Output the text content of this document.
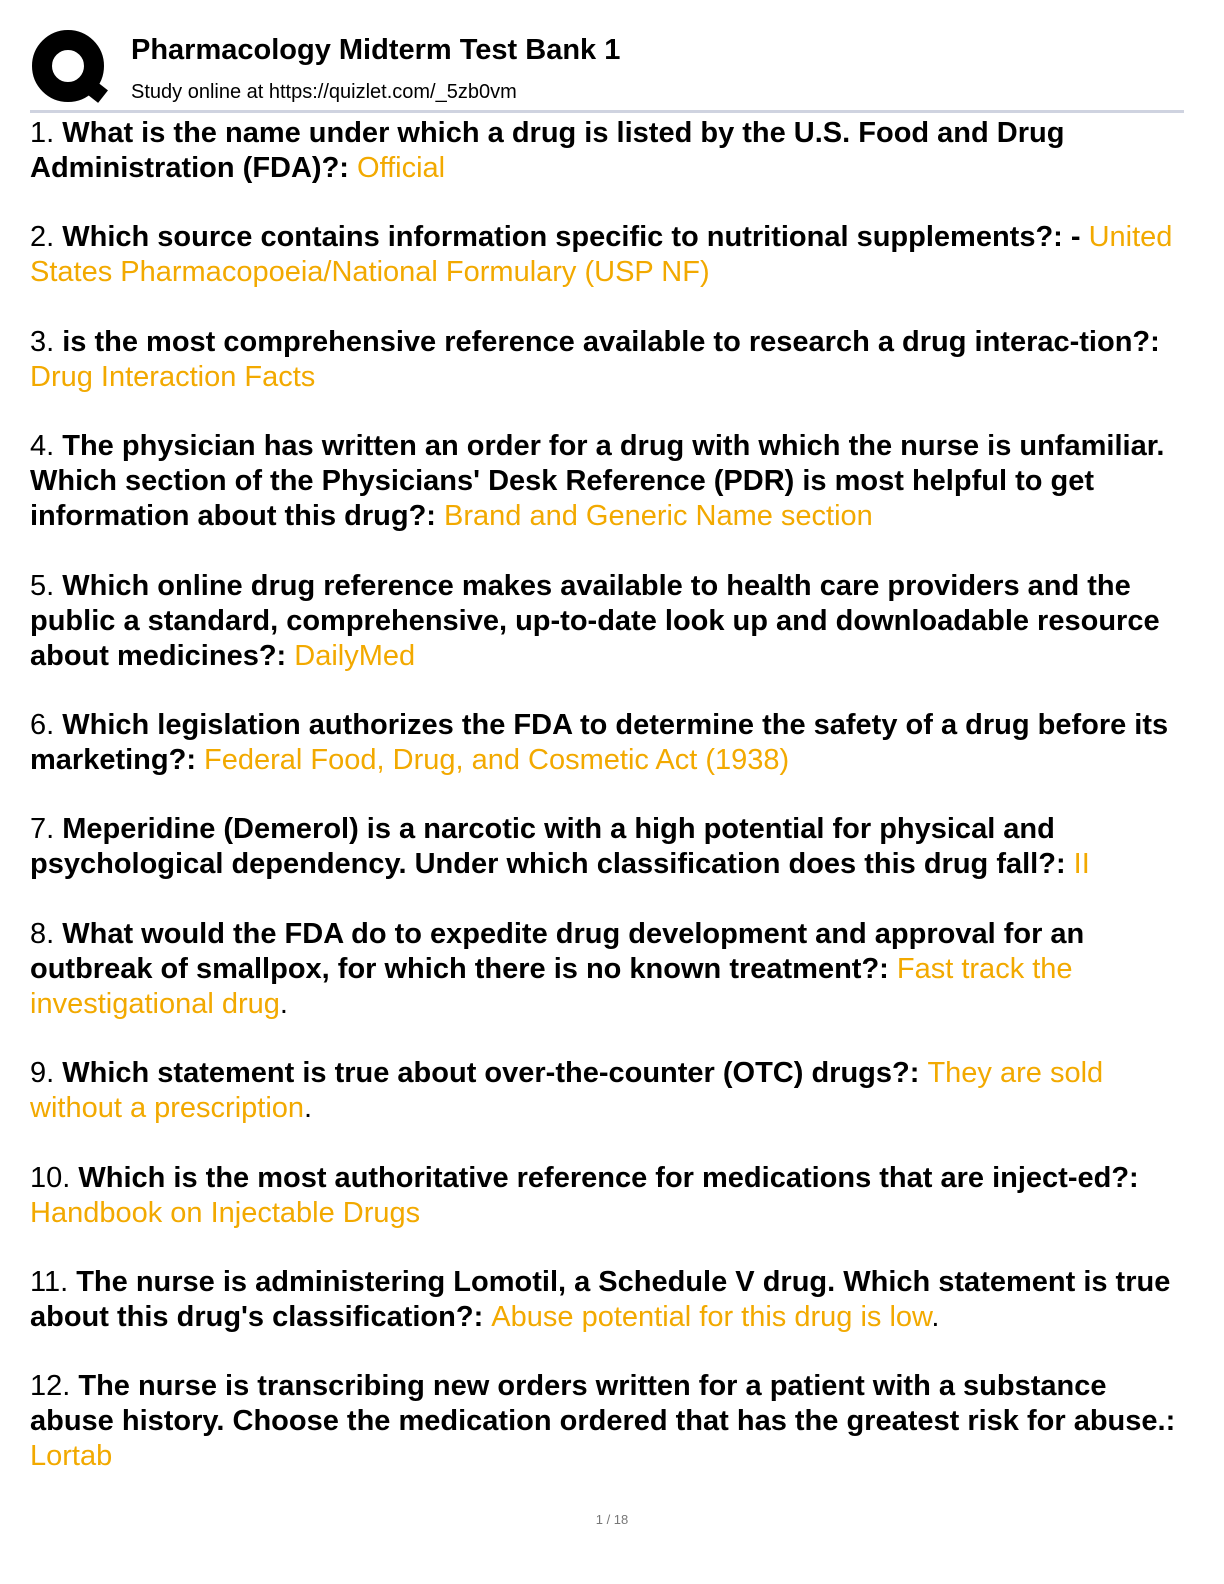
Pharmacology Midterm Test Bank 1
Study online at https://quizlet.com/_5zb0vm
1. What is the name under which a drug is listed by the U.S. Food and Drug Administration (FDA)?: Official
2. Which source contains information specific to nutritional supplements?: - United States Pharmacopoeia/National Formulary (USP NF)
3. is the most comprehensive reference available to research a drug interac-tion?: Drug Interaction Facts
4. The physician has written an order for a drug with which the nurse is unfamiliar. Which section of the Physicians' Desk Reference (PDR) is most helpful to get information about this drug?: Brand and Generic Name section
5. Which online drug reference makes available to health care providers and the public a standard, comprehensive, up-to-date look up and downloadable resource about medicines?: DailyMed
6. Which legislation authorizes the FDA to determine the safety of a drug before its marketing?: Federal Food, Drug, and Cosmetic Act (1938)
7. Meperidine (Demerol) is a narcotic with a high potential for physical and psychological dependency. Under which classification does this drug fall?: II
8. What would the FDA do to expedite drug development and approval for an outbreak of smallpox, for which there is no known treatment?: Fast track the investigational drug.
9. Which statement is true about over-the-counter (OTC) drugs?: They are sold without a prescription.
10. Which is the most authoritative reference for medications that are inject-ed?: Handbook on Injectable Drugs
11. The nurse is administering Lomotil, a Schedule V drug. Which statement is true about this drug's classification?: Abuse potential for this drug is low.
12. The nurse is transcribing new orders written for a patient with a substance abuse history. Choose the medication ordered that has the greatest risk for abuse.: Lortab
1 / 18
